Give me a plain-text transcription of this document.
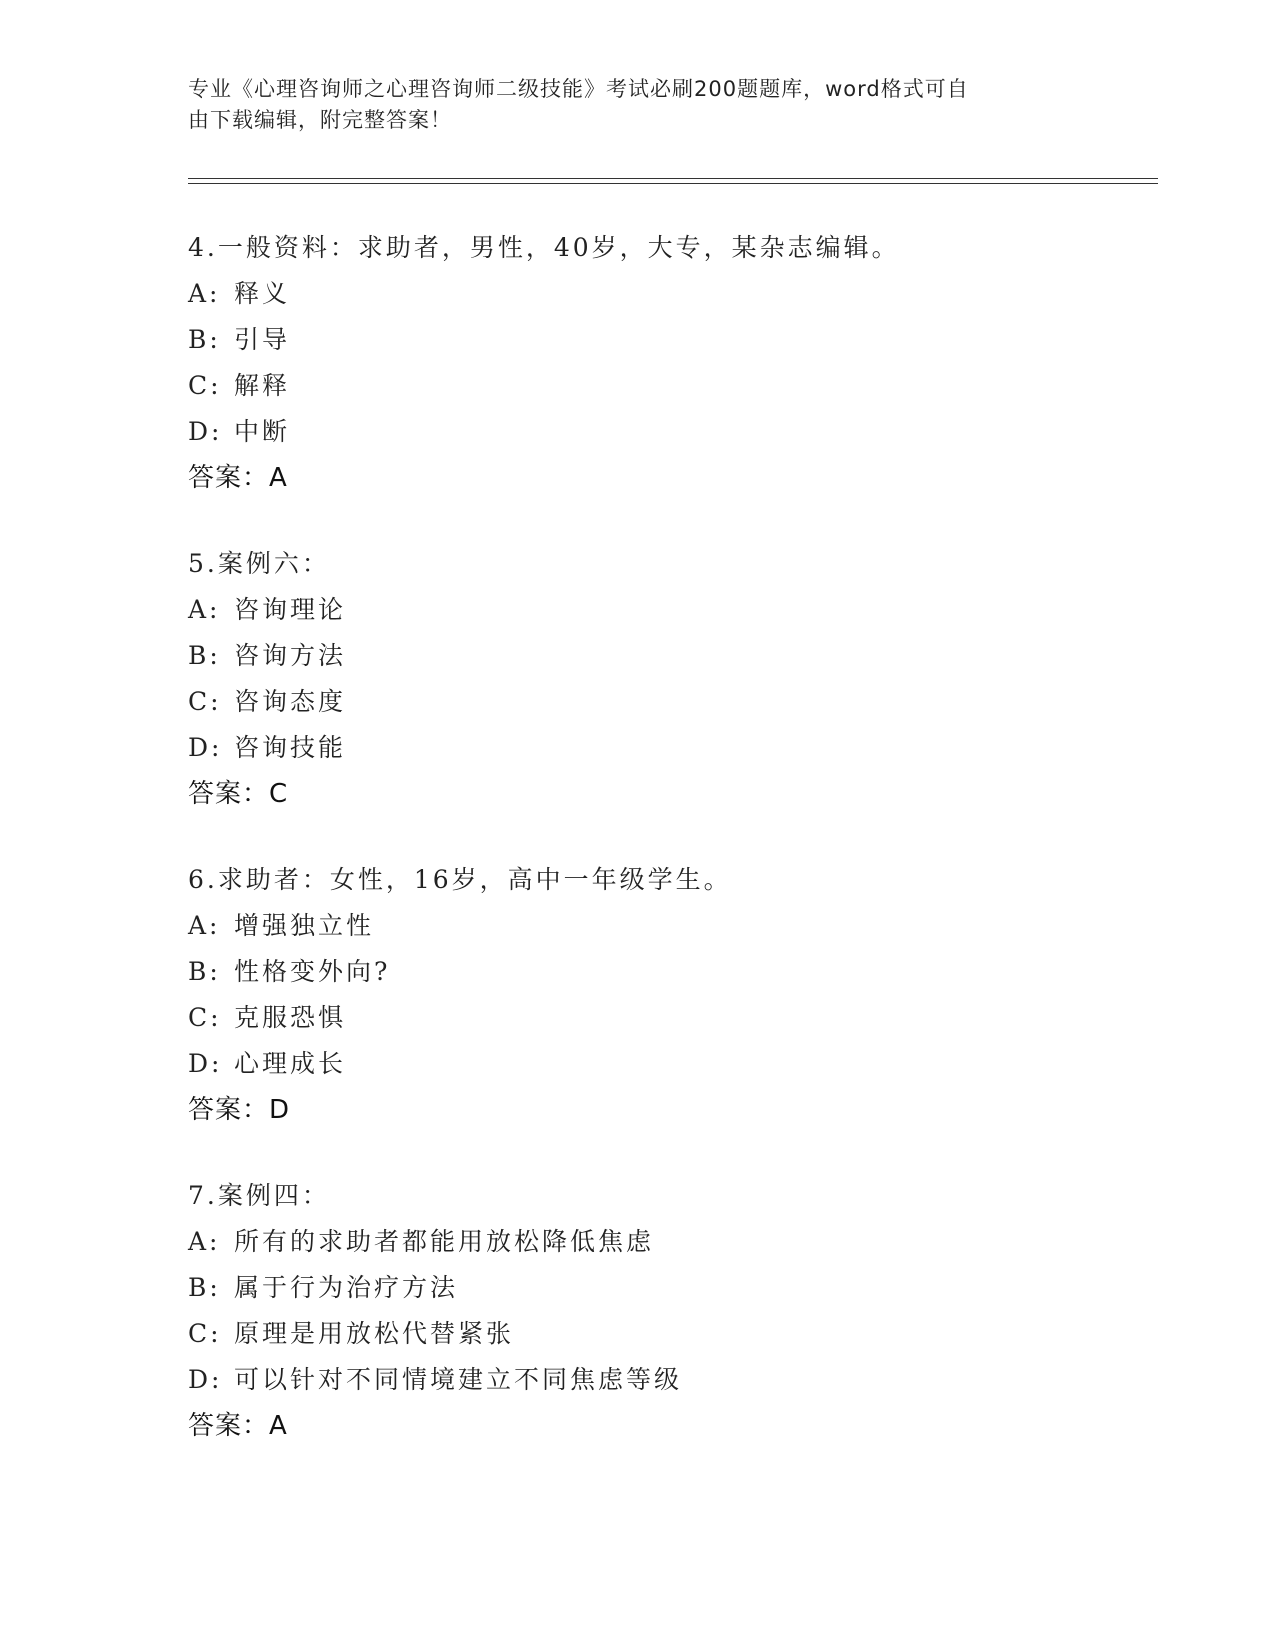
专业《心理咨询师之心理咨询师二级技能》考试必刷200题题库，word格式可自
由下载编辑，附完整答案！
4.一般资料：求助者，男性，40岁，大专，某杂志编辑。
A: 释义
B: 引导
C: 解释
D: 中断
答案：A
5.案例六：
A: 咨询理论
B: 咨询方法
C: 咨询态度
D: 咨询技能
答案：C
6.求助者：女性，16岁，高中一年级学生。
A: 增强独立性
B: 性格变外向?
C: 克服恐惧
D: 心理成长
答案：D
7.案例四：
A: 所有的求助者都能用放松降低焦虑
B: 属于行为治疗方法
C: 原理是用放松代替紧张
D: 可以针对不同情境建立不同焦虑等级
答案：A
